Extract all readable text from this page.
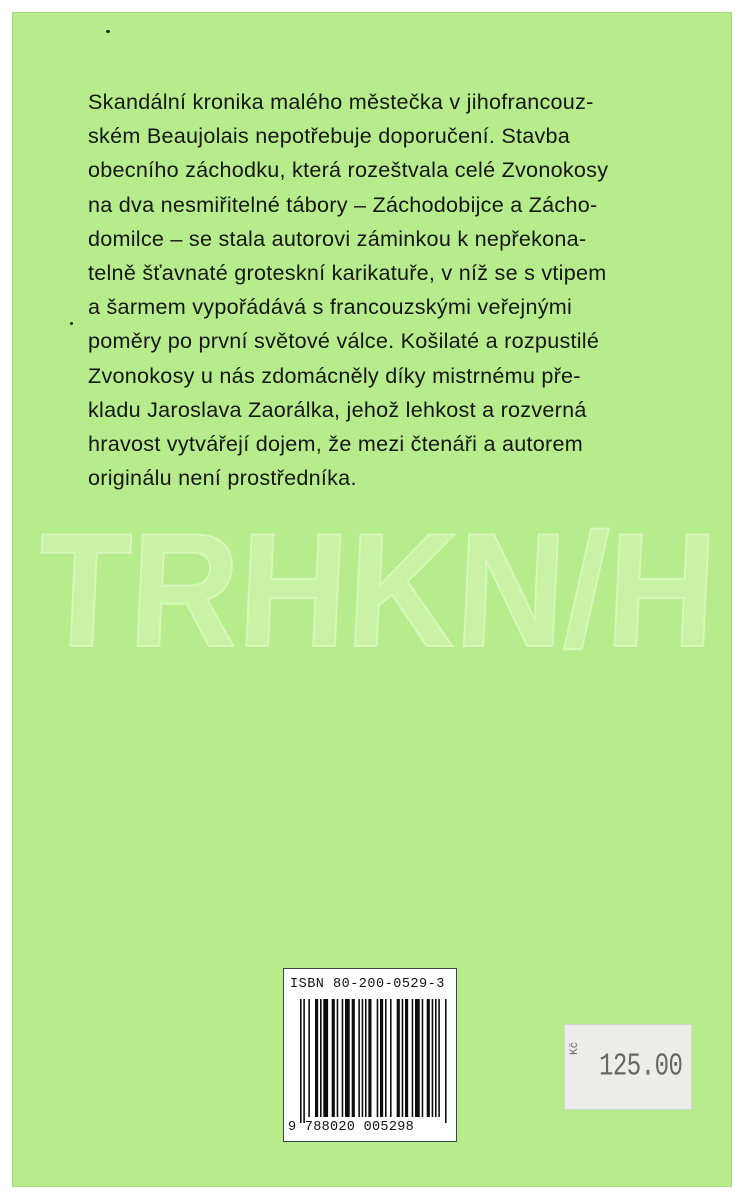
TRHKN/H

Skandální kronika malého městečka v jihofrancouz-
ském Beaujolais nepotřebuje doporučení. Stavba
obecního záchodku, která rozeštvala celé Zvonokosy
na dva nesmiřitelné tábory – Záchodobijce a Zácho-
domilce – se stala autorovi záminkou k nepřekona-
telně šťavnaté groteskní karikatuře, v níž se s vtipem
a šarmem vypořádává s francouzskými veřejnými
poměry po první světové válce. Košilaté a rozpustilé
Zvonokosy u nás zdomácněly díky mistrnému pře-
kladu Jaroslava Zaorálka, jehož lehkost a rozverná
hravost vytvářejí dojem, že mezi čtenáři a autorem
originálu není prostředníka.

ISBN 80-200-0529-3
9 788020 005298
Kč
125.00
